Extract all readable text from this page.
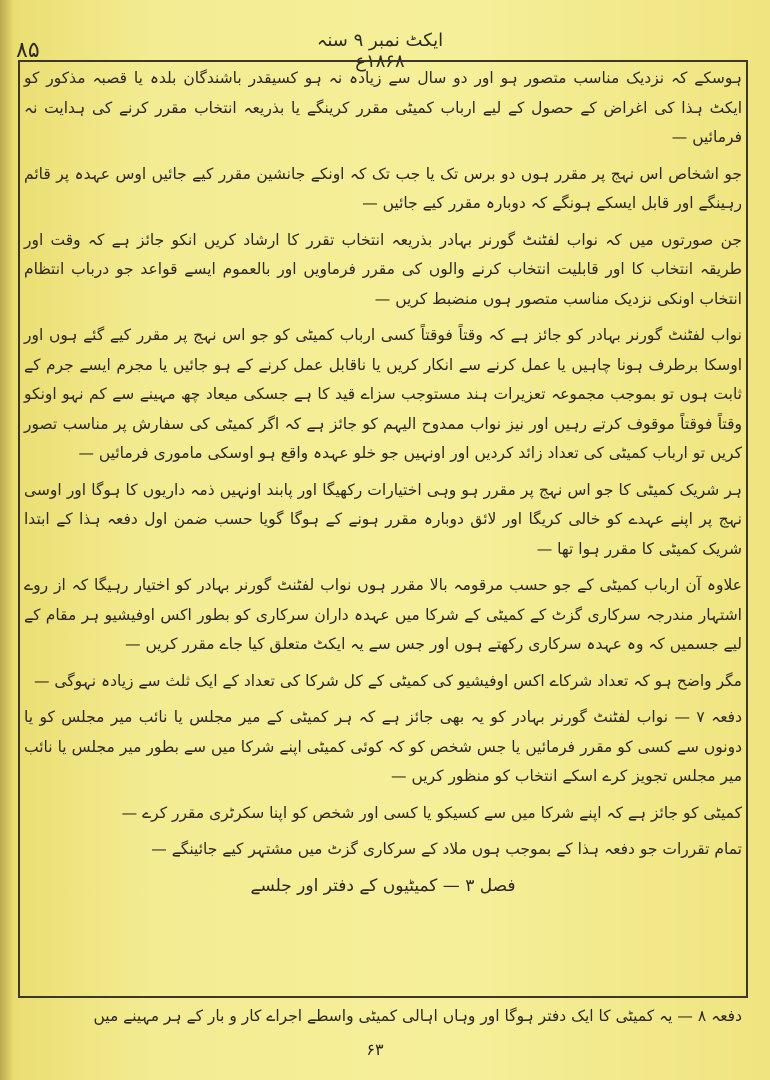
۸۵	ایکٹ نمبر ۹ سنہ ۱۸۶۸ع

ہوسکے کہ نزدیک مناسب متصور ہو اور دو سال سے زیادہ نہ ہو کسیقدر باشندگان بلدہ یا قصبہ مذکور کو ایکٹ ہذا کی اغراض کے حصول کے لیے ارباب کمیٹی مقرر کرینگے یا بذریعہ انتخاب مقرر کرنے کی ہدایت نہ فرمائیں —

جو اشخاص اس نہج پر مقرر ہوں دو برس تک یا جب تک کہ اونکے جانشین مقرر کیے جائیں اوس عہدہ پر قائم رہینگے اور قابل ایسکے ہونگے کہ دوبارہ مقرر کیے جائیں —

جن صورتوں میں کہ نواب لفٹنٹ گورنر بہادر بذریعہ انتخاب تقرر کا ارشاد کریں انکو جائز ہے کہ وقت اور طریقہ انتخاب کا اور قابلیت انتخاب کرنے والوں کی مقرر فرماویں اور بالعموم ایسے قواعد جو درباب انتظام انتخاب اونکی نزدیک مناسب متصور ہوں منضبط کریں —

نواب لفٹنٹ گورنر بہادر کو جائز ہے کہ وقتاً فوقتاً کسی ارباب کمیٹی کو جو اس نہج پر مقرر کیے گئے ہوں اور اوسکا برطرف ہونا چاہیں یا عمل کرنے سے انکار کریں یا ناقابل عمل کرنے کے ہو جائیں یا مجرم ایسے جرم کے ثابت ہوں تو بموجب مجموعہ تعزیرات ہند مستوجب سزاے قید کا ہے جسکی میعاد چھ مہینے سے کم نہو اونکو وقتاً فوقتاً موقوف کرتے رہیں اور نیز نواب ممدوح الیہم کو جائز ہے کہ اگر کمیٹی کی سفارش پر مناسب تصور کریں تو ارباب کمیٹی کی تعداد زائد کردیں اور اونہیں جو خلو عہدہ واقع ہو اوسکی ماموری فرمائیں —

ہر شریک کمیٹی کا جو اس نہج پر مقرر ہو وہی اختیارات رکھیگا اور پابند اونہیں ذمہ داریوں کا ہوگا اور اوسی نہج پر اپنے عہدے کو خالی کریگا اور لائق دوبارہ مقرر ہونے کے ہوگا گویا حسب ضمن اول دفعہ ہذا کے ابتدا شریک کمیٹی کا مقرر ہوا تھا —

علاوہ آن ارباب کمیٹی کے جو حسب مرقومہ بالا مقرر ہوں نواب لفٹنٹ گورنر بہادر کو اختیار رہیگا کہ از روے اشتہار مندرجہ سرکاری گزٹ کے کمیٹی کے شرکا میں عہدہ داران سرکاری کو بطور اکس اوفیشیو ہر مقام کے لیے جسمیں کہ وہ عہدہ سرکاری رکھتے ہوں اور جس سے یہ ایکٹ متعلق کیا جاے مقرر کریں —

مگر واضح ہو کہ تعداد شرکاے اکس اوفیشیو کی کمیٹی کے کل شرکا کی تعداد کے ایک ثلث سے زیادہ نہوگی —

دفعہ ۷ — نواب لفٹنٹ گورنر بہادر کو یہ بھی جائز ہے کہ ہر کمیٹی کے میر مجلس یا نائب میر مجلس کو یا دونوں سے کسی کو مقرر فرمائیں یا جس شخص کو کہ کوئی کمیٹی اپنے شرکا میں سے بطور میر مجلس یا نائب میر مجلس تجویز کرے اسکے انتخاب کو منظور کریں —

کمیٹی کو جائز ہے کہ اپنے شرکا میں سے کسیکو یا کسی اور شخص کو اپنا سکرٹری مقرر کرے —

تمام تقررات جو دفعہ ہذا کے بموجب ہوں ملاد کے سرکاری گزٹ میں مشتہر کیے جائینگے —

فصل ۳ — کمیٹیوں کے دفتر اور جلسے

دفعہ ۸ — یہ کمیٹی کا ایک دفتر ہوگا اور وہاں اہالی کمیٹی واسطے اجراے کار و بار کے ہر مہینے میں
۶۳
